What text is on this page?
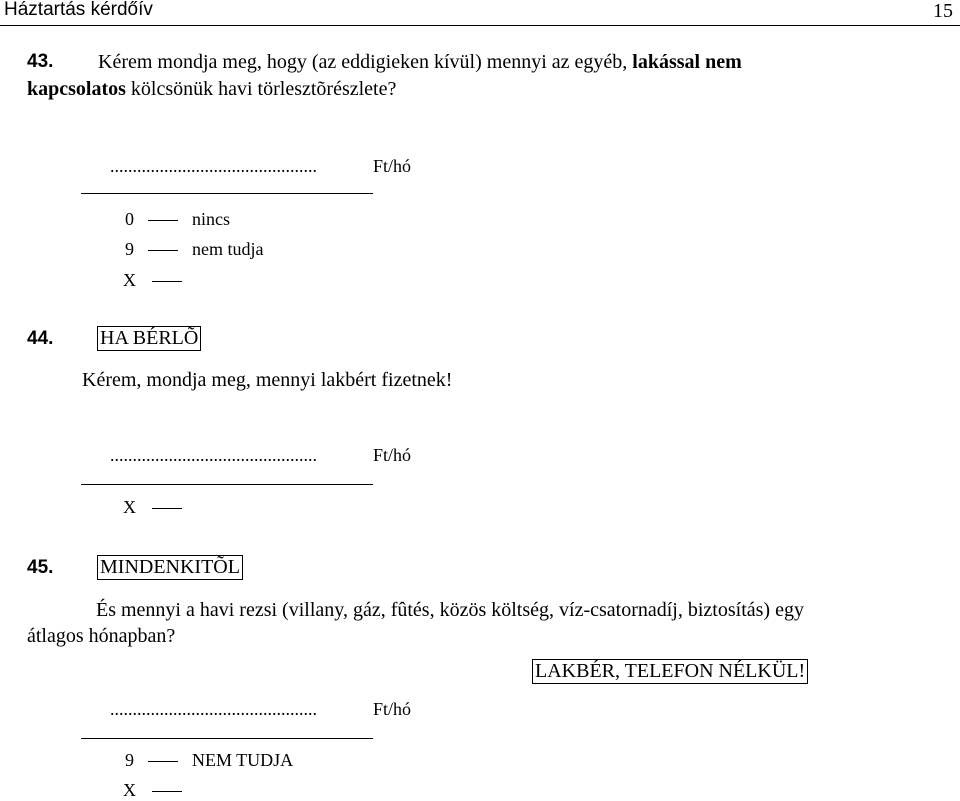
Háztartás kérdőív	15
43. Kérem mondja meg, hogy (az eddigieken kívül) mennyi az egyéb, lakással nem
kapcsolatos kölcsönük havi törlesztõrészlete?
..............................................	Ft/hó
0	nincs
9	nem tudja
X
44. HA BÉRLÕ
Kérem, mondja meg, mennyi lakbért fizetnek!
..............................................	Ft/hó
X
45. MINDENKITÕL
És mennyi a havi rezsi (villany, gáz, fûtés, közös költség, víz-csatornadíj, biztosítás) egy
átlagos hónapban?
LAKBÉR, TELEFON NÉLKÜL!
..............................................	Ft/hó
9	NEM TUDJA
X
